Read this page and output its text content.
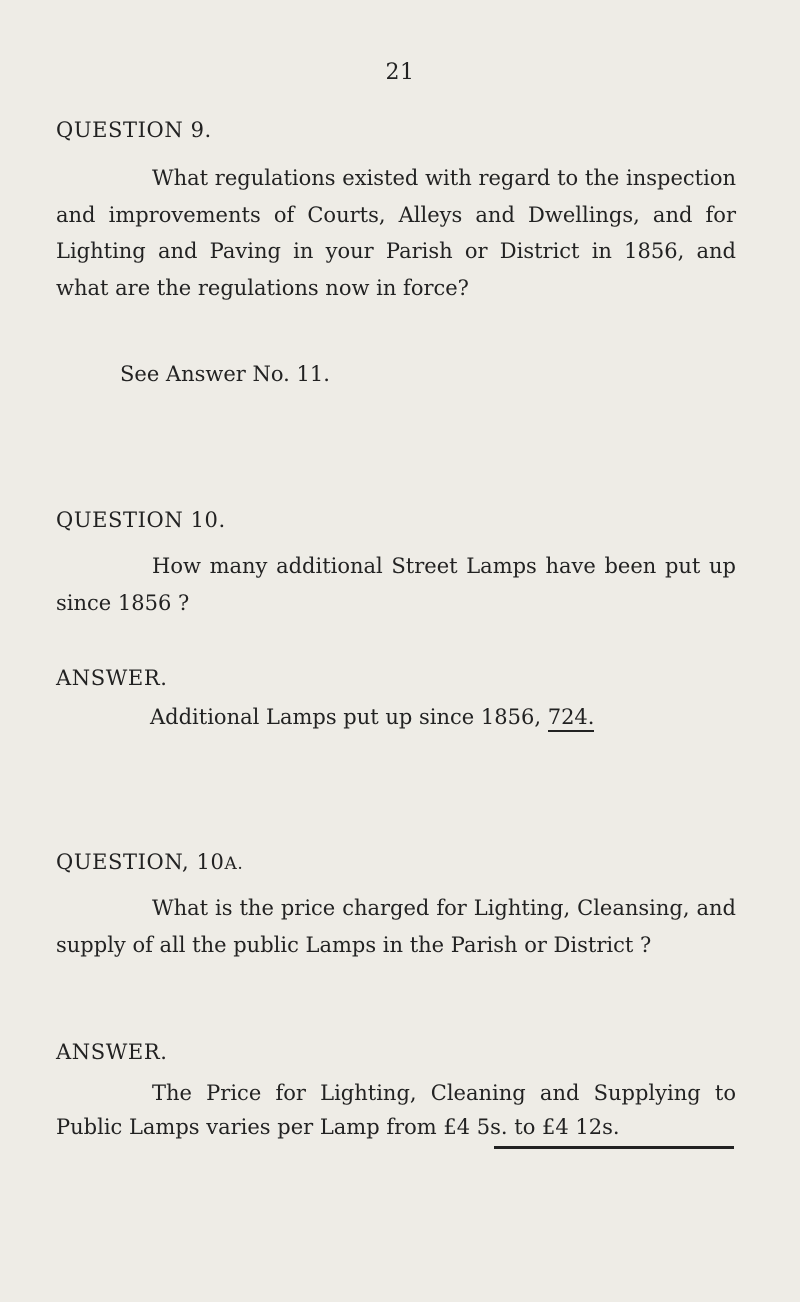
21
QUESTION 9.
What regulations existed with regard to the inspection and improvements of Courts, Alleys and Dwellings, and for Lighting and Paving in your Parish or District in 1856, and what are the regulations now in force?
See Answer No. 11.
QUESTION 10.
How many additional Street Lamps have been put up since 1856 ?
ANSWER.
Additional Lamps put up since 1856, 724.
QUESTION, 10A.
What is the price charged for Lighting, Cleansing, and supply of all the public Lamps in the Parish or District ?
ANSWER.
The Price for Lighting, Cleaning and Supplying to Public Lamps varies per Lamp from £4 5s. to £4 12s.
